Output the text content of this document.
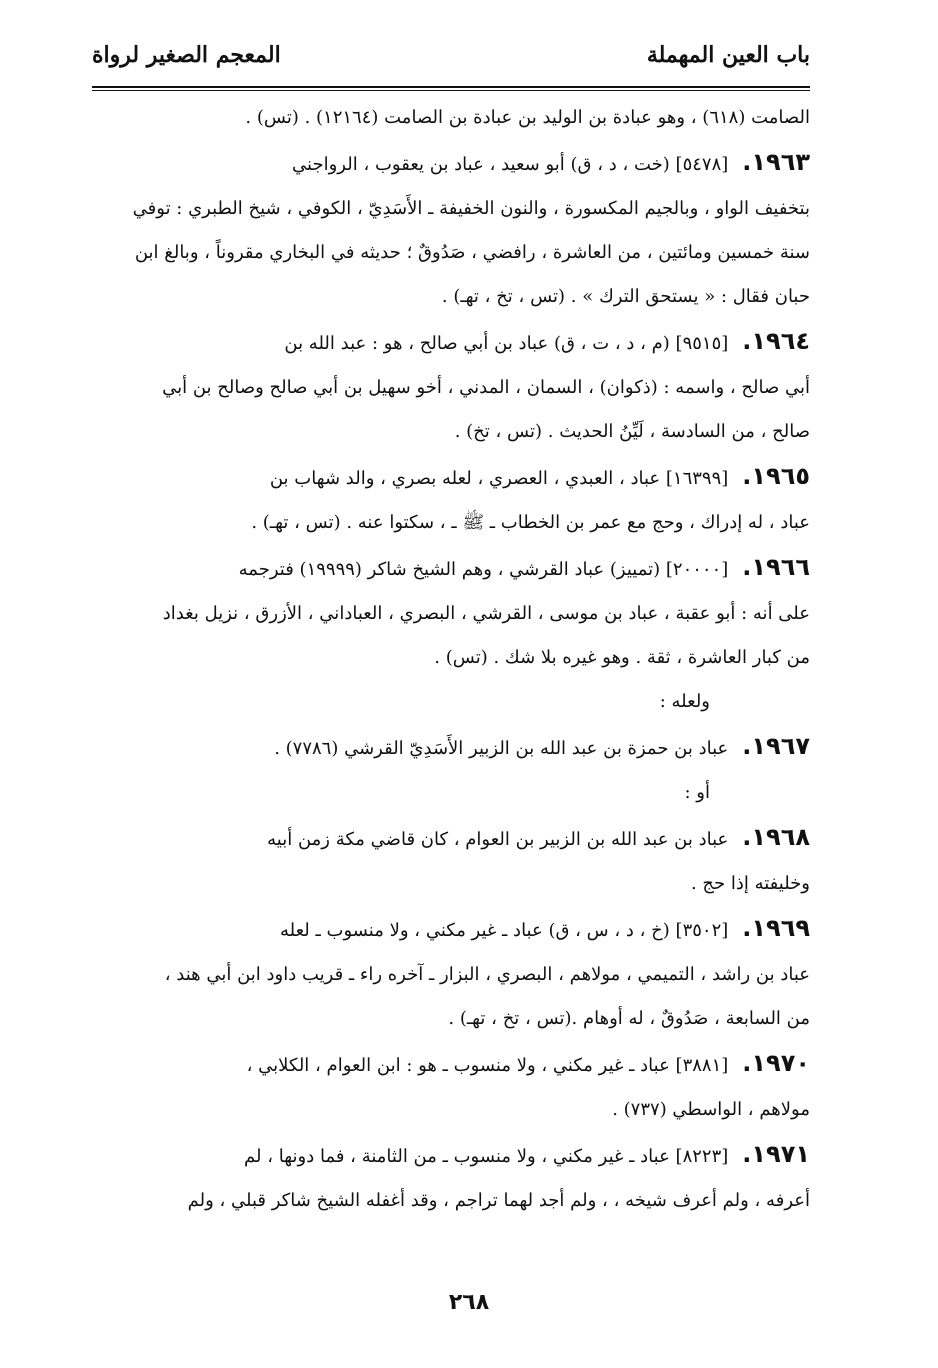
باب العين المهملة
المعجم الصغير لرواة
الصامت (٦١٨) ، وهو عبادة بن الوليد بن عبادة بن الصامت (١٢١٦٤) . (تس) .
١٩٦٣.[٥٤٧٨] (خت ، د ، ق) أبو سعيد ، عباد بن يعقوب ، الرواجني
بتخفيف الواو ، وبالجيم المكسورة ، والنون الخفيفة ـ الأَسَدِيّ ، الكوفي ، شيخ الطبري : توفي
سنة خمسين ومائتين ، من العاشرة ، رافضي ، صَدُوقٌ ؛ حديثه في البخاري مقروناً ، وبالغ ابن
حبان فقال : « يستحق الترك » . (تس ، تخ ، تهـ) .
١٩٦٤.[٩٥١٥] (م ، د ، ت ، ق) عباد بن أبي صالح ، هو : عبد الله بن
أبي صالح ، واسمه : (ذكوان) ، السمان ، المدني ، أخو سهيل بن أبي صالح وصالح بن أبي
صالح ، من السادسة ، لَيِّنُ الحديث . (تس ، تخ) .
١٩٦٥.[١٦٣٩٩] عباد ، العبدي ، العصري ، لعله بصري ، والد شهاب بن
عباد ، له إدراك ، وحج مع عمر بن الخطاب ـ ﷺ ـ ، سكتوا عنه . (تس ، تهـ) .
١٩٦٦.[٢٠٠٠٠] (تمييز) عباد القرشي ، وهم الشيخ شاكر (١٩٩٩٩) فترجمه
على أنه : أبو عقبة ، عباد بن موسى ، القرشي ، البصري ، العباداني ، الأزرق ، نزيل بغداد
من كبار العاشرة ، ثقة . وهو غيره بلا شك . (تس) .
ولعله :
١٩٦٧.عباد بن حمزة بن عبد الله بن الزبير الأَسَدِيّ القرشي (٧٧٨٦) .
أو :
١٩٦٨.عباد بن عبد الله بن الزبير بن العوام ، كان قاضي مكة زمن أبيه
وخليفته إذا حج .
١٩٦٩.[٣٥٠٢] (خ ، د ، س ، ق) عباد ـ غير مكني ، ولا منسوب ـ لعله
عباد بن راشد ، التميمي ، مولاهم ، البصري ، البزار ـ آخره راء ـ قريب داود ابن أبي هند ،
من السابعة ، صَدُوقٌ ، له أوهام .(تس ، تخ ، تهـ) .
١٩٧٠.[٣٨٨١] عباد ـ غير مكني ، ولا منسوب ـ هو : ابن العوام ، الكلابي ،
مولاهم ، الواسطي (٧٣٧) .
١٩٧١.[٨٢٢٣] عباد ـ غير مكني ، ولا منسوب ـ من الثامنة ، فما دونها ، لم
أعرفه ، ولم أعرف شيخه ، ، ولم أجد لهما تراجم ، وقد أغفله الشيخ شاكر قبلي ، ولم
٢٦٨
